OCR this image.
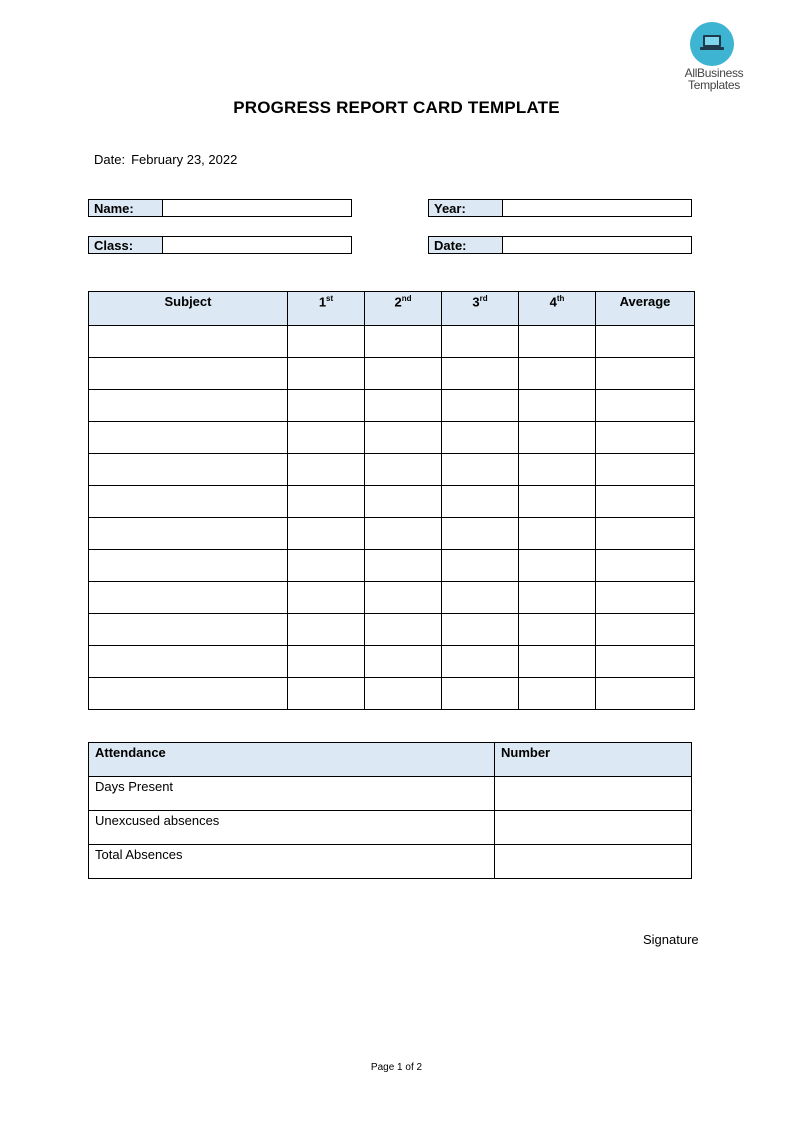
AllBusiness
Templates
PROGRESS REPORT CARD TEMPLATE
Date: February 23, 2022
Name:		Year:	
Class:		Date:	
Subject	1st	2nd	3rd	4th	Average

Attendance	Number
Days Present	
Unexcused absences	
Total Absences	
Signature
Page 1 of 2
